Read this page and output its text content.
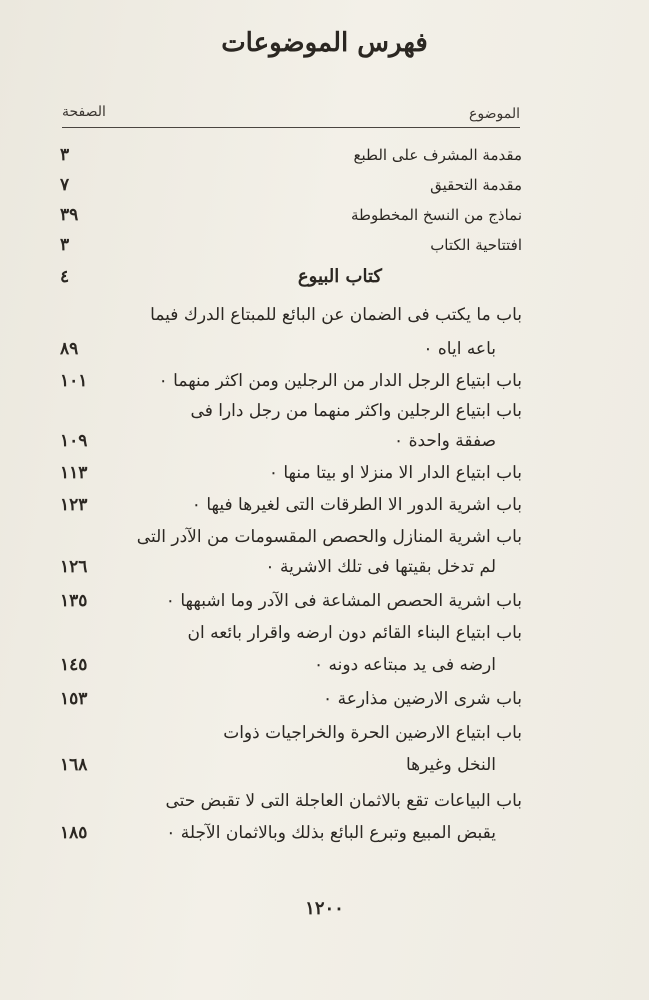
فهرس الموضوعات
الموضوع
الصفحة
مقدمة المشرف على الطبع
٣
مقدمة التحقيق
٧
نماذج من النسخ المخطوطة
٣٩
افتتاحية الكتاب
٣
كتاب البيوع
٤
باب ما يكتب فى الضمان عن البائع للمبتاع الدرك فيما
باعه اياه ٠
٨٩
باب ابتياع الرجل الدار من الرجلين ومن اكثر منهما ٠
١٠١
باب ابتياع الرجلين واكثر منهما من رجل دارا فى
صفقة واحدة ٠
١٠٩
باب ابتياع الدار الا منزلا او بيتا منها ٠
١١٣
باب اشرية الدور الا الطرقات التى لغيرها فيها ٠
١٢٣
باب اشرية المنازل والحصص المقسومات من الآدر التى
لم تدخل بقيتها فى تلك الاشرية ٠
١٢٦
باب اشرية الحصص المشاعة فى الآدر وما اشبهها ٠
١٣٥
باب ابتياع البناء القائم دون ارضه واقرار بائعه ان
ارضه فى يد مبتاعه دونه ٠
١٤٥
باب شرى الارضين مذارعة ٠
١٥٣
باب ابتياع الارضين الحرة والخراجيات ذوات
النخل وغيرها
١٦٨
باب البياعات تقع بالاثمان العاجلة التى لا تقبض حتى
يقبض المبيع وتبرع البائع بذلك وبالاثمان الآجلة ٠
١٨٥
١٢٠٠
